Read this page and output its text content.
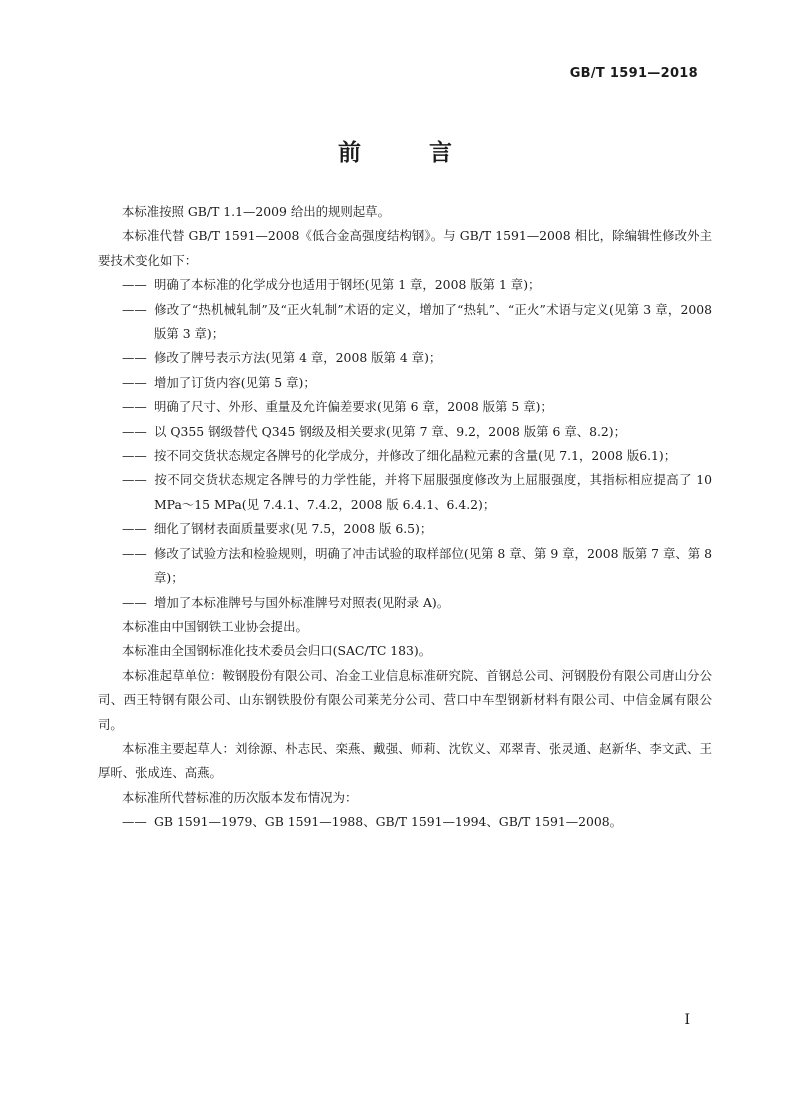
GB/T 1591—2018
前 言
本标准按照 GB/T 1.1—2009 给出的规则起草。
本标准代替 GB/T 1591—2008《低合金高强度结构钢》。与 GB/T 1591—2008 相比，除编辑性修改外主要技术变化如下：
—— 明确了本标准的化学成分也适用于钢坯(见第 1 章，2008 版第 1 章)；
—— 修改了“热机械轧制”及“正火轧制”术语的定义，增加了“热轧”、“正火”术语与定义(见第 3 章，2008 版第 3 章)；
—— 修改了牌号表示方法(见第 4 章，2008 版第 4 章)；
—— 增加了订货内容(见第 5 章)；
—— 明确了尺寸、外形、重量及允许偏差要求(见第 6 章，2008 版第 5 章)；
—— 以 Q355 钢级替代 Q345 钢级及相关要求(见第 7 章、9.2，2008 版第 6 章、8.2)；
—— 按不同交货状态规定各牌号的化学成分，并修改了细化晶粒元素的含量(见 7.1，2008 版6.1)；
—— 按不同交货状态规定各牌号的力学性能，并将下屈服强度修改为上屈服强度，其指标相应提高了 10 MPa～15 MPa(见 7.4.1、7.4.2，2008 版 6.4.1、6.4.2)；
—— 细化了钢材表面质量要求(见 7.5，2008 版 6.5)；
—— 修改了试验方法和检验规则，明确了冲击试验的取样部位(见第 8 章、第 9 章，2008 版第 7 章、第 8 章)；
—— 增加了本标准牌号与国外标准牌号对照表(见附录 A)。
本标准由中国钢铁工业协会提出。
本标准由全国钢标准化技术委员会归口(SAC/TC 183)。
本标准起草单位：鞍钢股份有限公司、冶金工业信息标准研究院、首钢总公司、河钢股份有限公司唐山分公司、西王特钢有限公司、山东钢铁股份有限公司莱芜分公司、营口中车型钢新材料有限公司、中信金属有限公司。
本标准主要起草人：刘徐源、朴志民、栾燕、戴强、师莉、沈钦义、邓翠青、张灵通、赵新华、李文武、王厚昕、张成连、高燕。
本标准所代替标准的历次版本发布情况为：
—— GB 1591—1979、GB 1591—1988、GB/T 1591—1994、GB/T 1591—2008。
I
